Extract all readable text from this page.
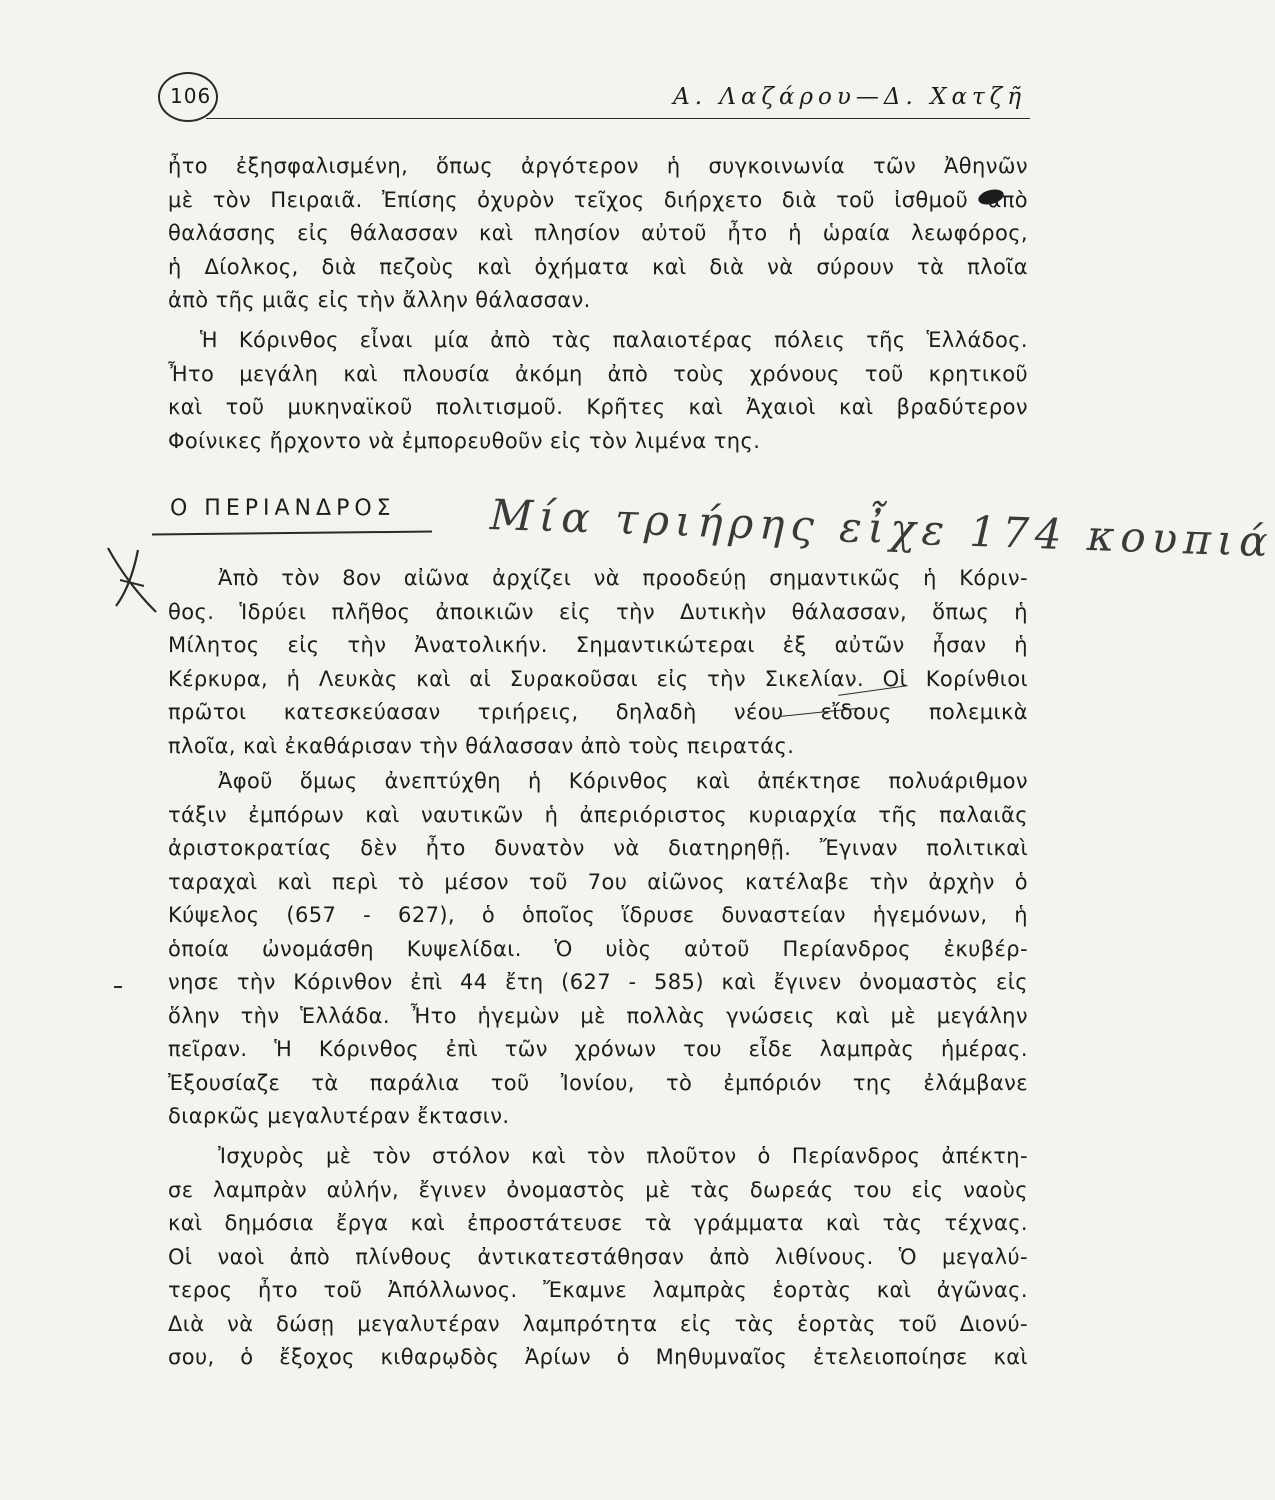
106	Α. Λαζάρου—Δ. Χατζῆ
ἦτο ἐξησφαλισμένη, ὅπως ἀργότερον ἡ συγκοινωνία τῶν Ἀθηνῶν
μὲ τὸν Πειραιᾶ. Ἐπίσης ὀχυρὸν τεῖχος διήρχετο διὰ τοῦ ἰσθμοῦ ἀπὸ
θαλάσσης εἰς θάλασσαν καὶ πλησίον αὐτοῦ ἦτο ἡ ὡραία λεωφόρος,
ἡ Δίολκος, διὰ πεζοὺς καὶ ὀχήματα καὶ διὰ νὰ σύρουν τὰ πλοῖα
ἀπὸ τῆς μιᾶς εἰς τὴν ἄλλην θάλασσαν.
Ἡ Κόρινθος εἶναι μία ἀπὸ τὰς παλαιοτέρας πόλεις τῆς Ἑλλάδος.
Ἦτο μεγάλη καὶ πλουσία ἀκόμη ἀπὸ τοὺς χρόνους τοῦ κρητικοῦ
καὶ τοῦ μυκηναϊκοῦ πολιτισμοῦ. Κρῆτες καὶ Ἀχαιοὶ καὶ βραδύτερον
Φοίνικες ἤρχοντο νὰ ἐμπορευθοῦν εἰς τὸν λιμένα της.
Ο ΠΕΡΙΑΝΔΡΟΣ Μία τριήρης εἶχε 174 κουπιά
Ἀπὸ τὸν 8ον αἰῶνα ἀρχίζει νὰ προοδεύῃ σημαντικῶς ἡ Κόριν-
θος. Ἱδρύει πλῆθος ἀποικιῶν εἰς τὴν Δυτικὴν θάλασσαν, ὅπως ἡ
Μίλητος εἰς τὴν Ἀνατολικήν. Σημαντικώτεραι ἐξ αὐτῶν ἦσαν ἡ
Κέρκυρα, ἡ Λευκὰς καὶ αἱ Συρακοῦσαι εἰς τὴν Σικελίαν. Οἱ Κορίνθιοι
πρῶτοι κατεσκεύασαν τριήρεις, δηλαδὴ νέου εἴδους πολεμικὰ
πλοῖα, καὶ ἐκαθάρισαν τὴν θάλασσαν ἀπὸ τοὺς πειρατάς.
Ἀφοῦ ὅμως ἀνεπτύχθη ἡ Κόρινθος καὶ ἀπέκτησε πολυάριθμον
τάξιν ἐμπόρων καὶ ναυτικῶν ἡ ἀπεριόριστος κυριαρχία τῆς παλαιᾶς
ἀριστοκρατίας δὲν ἦτο δυνατὸν νὰ διατηρηθῇ. Ἔγιναν πολιτικαὶ
ταραχαὶ καὶ περὶ τὸ μέσον τοῦ 7ου αἰῶνος κατέλαβε τὴν ἀρχὴν ὁ
Κύψελος (657 - 627), ὁ ὁποῖος ἵδρυσε δυναστείαν ἡγεμόνων, ἡ
ὁποία ὠνομάσθη Κυψελίδαι. Ὁ υἱὸς αὐτοῦ Περίανδρος ἐκυβέρ-
νησε τὴν Κόρινθον ἐπὶ 44 ἔτη (627 - 585) καὶ ἔγινεν ὀνομαστὸς εἰς
ὅλην τὴν Ἑλλάδα. Ἦτο ἡγεμὼν μὲ πολλὰς γνώσεις καὶ μὲ μεγάλην
πεῖραν. Ἡ Κόρινθος ἐπὶ τῶν χρόνων του εἶδε λαμπρὰς ἡμέρας.
Ἐξουσίαζε τὰ παράλια τοῦ Ἰονίου, τὸ ἐμπόριόν της ἐλάμβανε
διαρκῶς μεγαλυτέραν ἔκτασιν.
Ἰσχυρὸς μὲ τὸν στόλον καὶ τὸν πλοῦτον ὁ Περίανδρος ἀπέκτη-
σε λαμπρὰν αὐλήν, ἔγινεν ὀνομαστὸς μὲ τὰς δωρεάς του εἰς ναοὺς
καὶ δημόσια ἔργα καὶ ἐπροστάτευσε τὰ γράμματα καὶ τὰς τέχνας.
Οἱ ναοὶ ἀπὸ πλίνθους ἀντικατεστάθησαν ἀπὸ λιθίνους. Ὁ μεγαλύ-
τερος ἦτο τοῦ Ἀπόλλωνος. Ἔκαμνε λαμπρὰς ἑορτὰς καὶ ἀγῶνας.
Διὰ νὰ δώσῃ μεγαλυτέραν λαμπρότητα εἰς τὰς ἑορτὰς τοῦ Διονύ-
σου, ὁ ἔξοχος κιθαρῳδὸς Ἀρίων ὁ Μηθυμναῖος ἐτελειοποίησε καὶ
